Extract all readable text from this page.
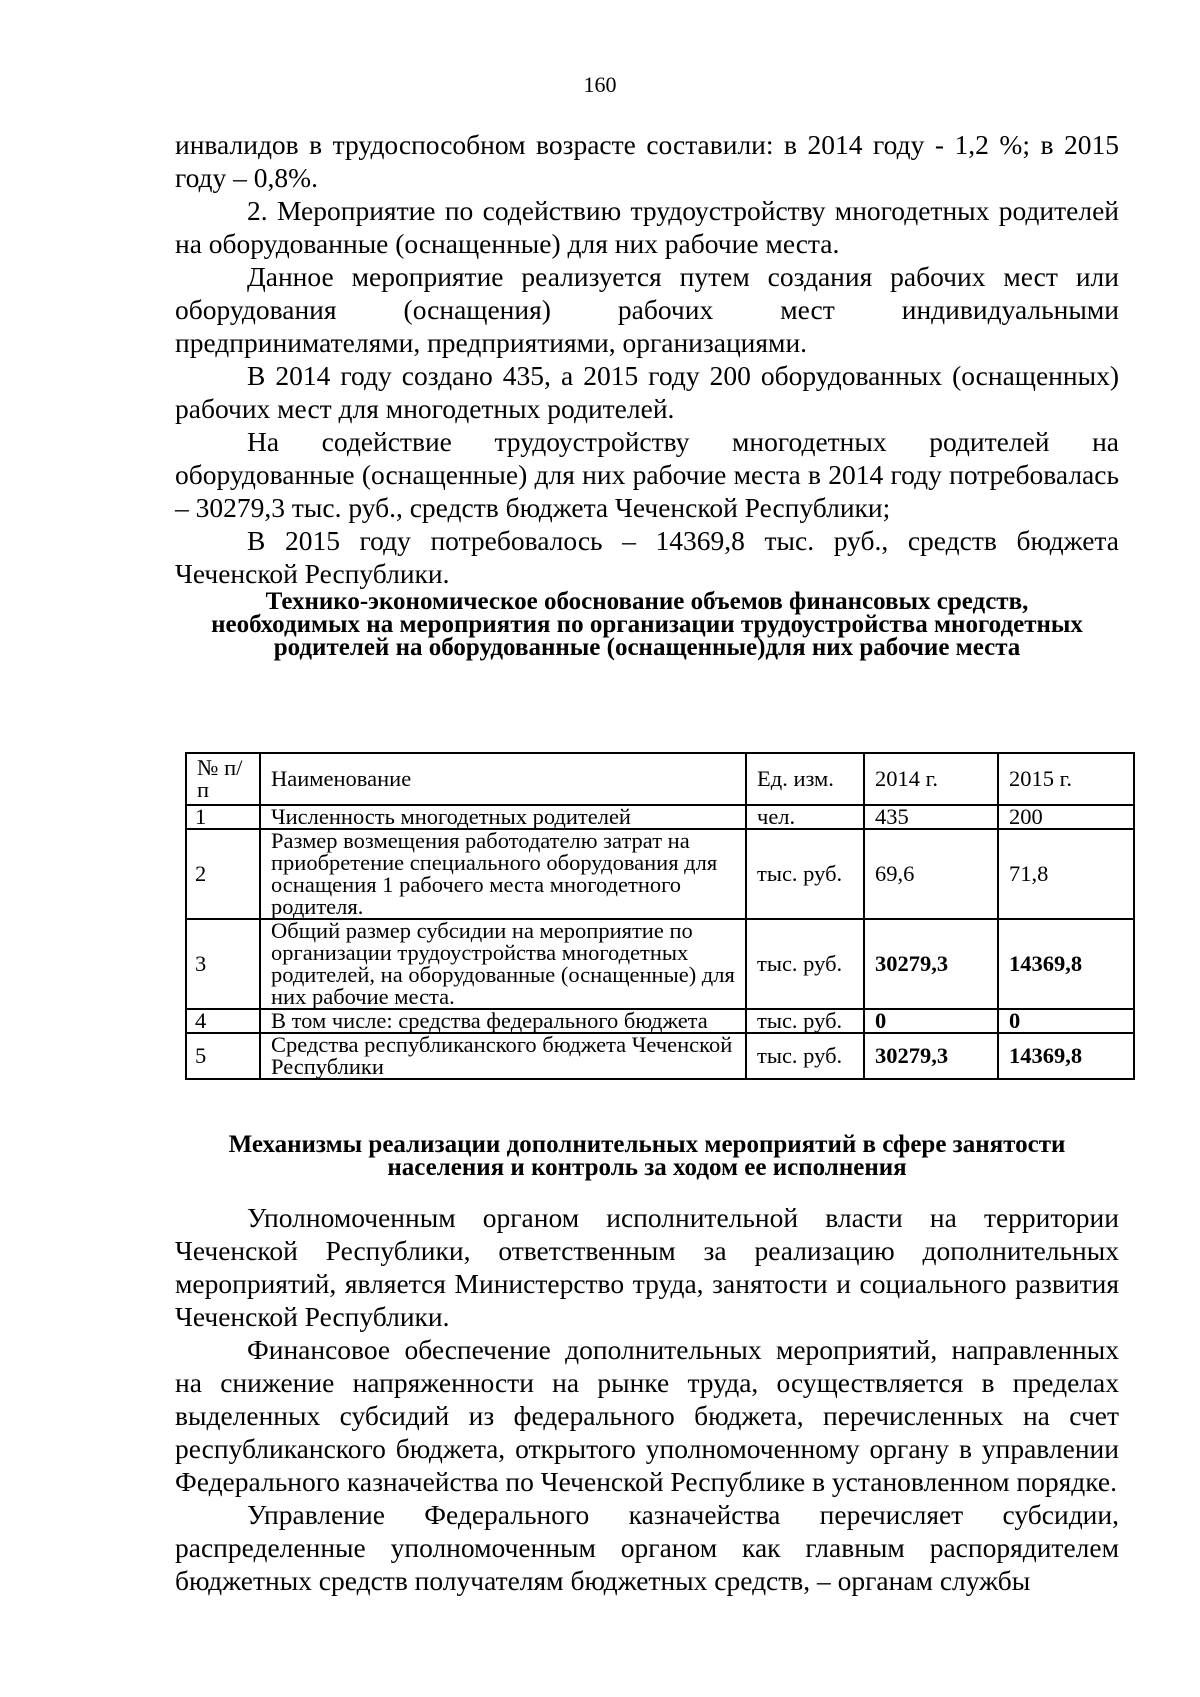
160

инвалидов в трудоспособном возрасте составили: в 2014 году - 1,2 %; в 2015 году – 0,8%.

2. Мероприятие по содействию трудоустройству многодетных родителей на оборудованные (оснащенные) для них рабочие места.

Данное мероприятие реализуется путем создания рабочих мест или оборудования (оснащения) рабочих мест индивидуальными предпринимателями, предприятиями, организациями.

В 2014 году создано 435, а 2015 году 200 оборудованных (оснащенных) рабочих мест для многодетных родителей.

На содействие трудоустройству многодетных родителей на оборудованные (оснащенные) для них рабочие места в 2014 году потребовалась – 30279,3 тыс. руб., средств бюджета Чеченской Республики;

В 2015 году потребовалось – 14369,8 тыс. руб., средств бюджета Чеченской Республики.

Технико-экономическое обоснование объемов финансовых средств, необходимых на мероприятия по организации трудоустройства многодетных родителей на оборудованные (оснащенные)для них рабочие места
№ п/п	Наименование	Ед. изм.	2014 г.	2015 г.
1	Численность многодетных родителей	чел.	435	200
2	Размер возмещения работодателю затрат на приобретение специального оборудования для оснащения 1 рабочего места многодетного родителя.	тыс. руб.	69,6	71,8
3	Общий размер субсидии на мероприятие по организации трудоустройства многодетных родителей, на оборудованные (оснащенные) для них рабочие места.	тыс. руб.	30279,3	14369,8
4	В том числе: средства федерального бюджета	тыс. руб.	0	0
5	Средства республиканского бюджета Чеченской Республики	тыс. руб.	30279,3	14369,8
Механизмы реализации дополнительных мероприятий в сфере занятости населения и контроль за ходом ее исполнения

Уполномоченным органом исполнительной власти на территории Чеченской Республики, ответственным за реализацию дополнительных мероприятий, является Министерство труда, занятости и социального развития Чеченской Республики.

Финансовое обеспечение дополнительных мероприятий, направленных на снижение напряженности на рынке труда, осуществляется в пределах выделенных субсидий из федерального бюджета, перечисленных на счет республиканского бюджета, открытого уполномоченному органу в управлении Федерального казначейства по Чеченской Республике в установленном порядке.

Управление Федерального казначейства перечисляет субсидии, распределенные уполномоченным органом как главным распорядителем бюджетных средств получателям бюджетных средств, – органам службы
